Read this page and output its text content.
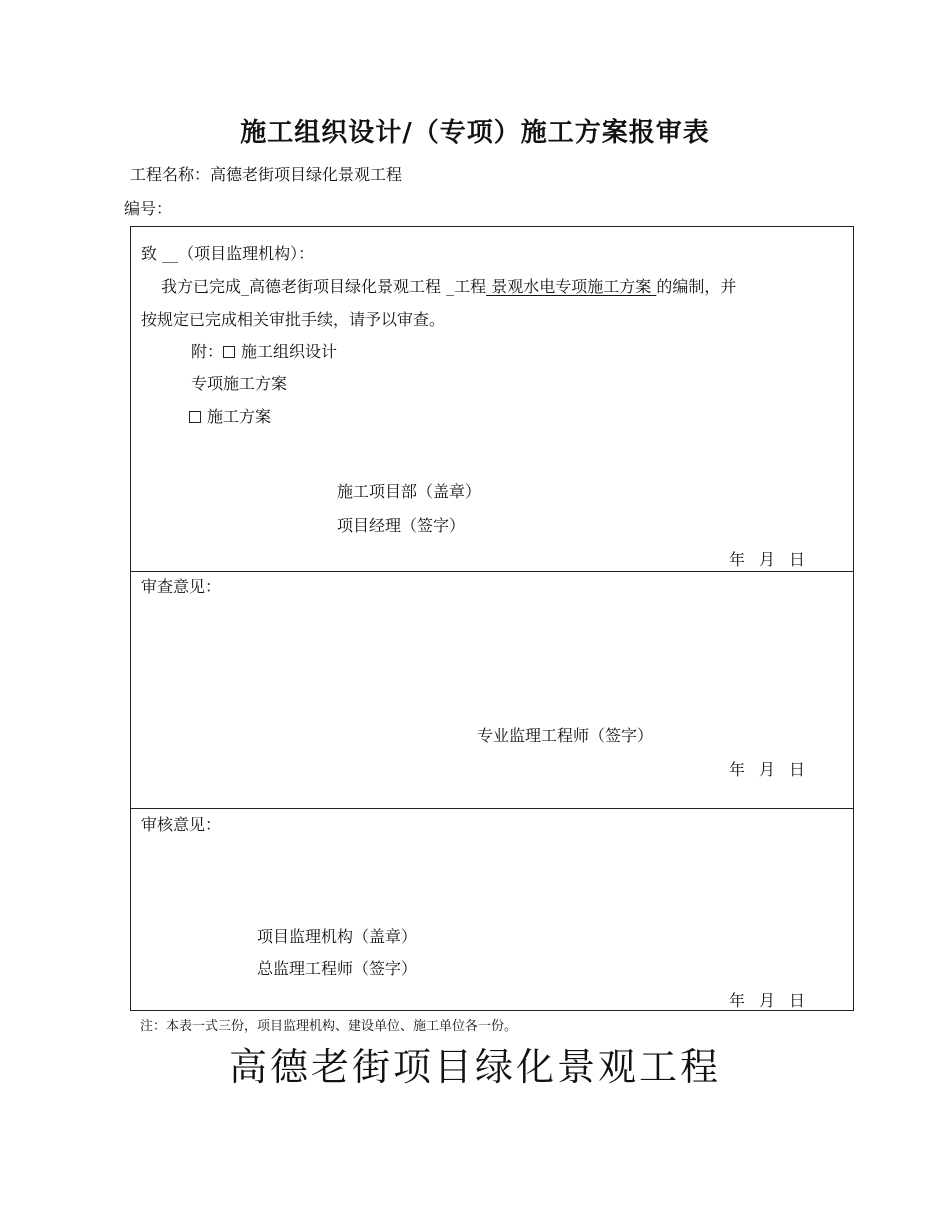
施工组织设计/（专项）施工方案报审表
工程名称：高德老街项目绿化景观工程
编号：
致 __（项目监理机构）：
我方已完成_高德老街项目绿化景观工程 _工程 景观水电专项施工方案 的编制，并
按规定已完成相关审批手续，请予以审查。
附： 施工组织设计
专项施工方案
施工方案
施工项目部（盖章）
项目经理（签字）
年 月 日
审查意见：
专业监理工程师（签字）
年 月 日
审核意见：
项目监理机构（盖章）
总监理工程师（签字）
年 月 日
注：本表一式三份，项目监理机构、建设单位、施工单位各一份。
高德老街项目绿化景观工程
